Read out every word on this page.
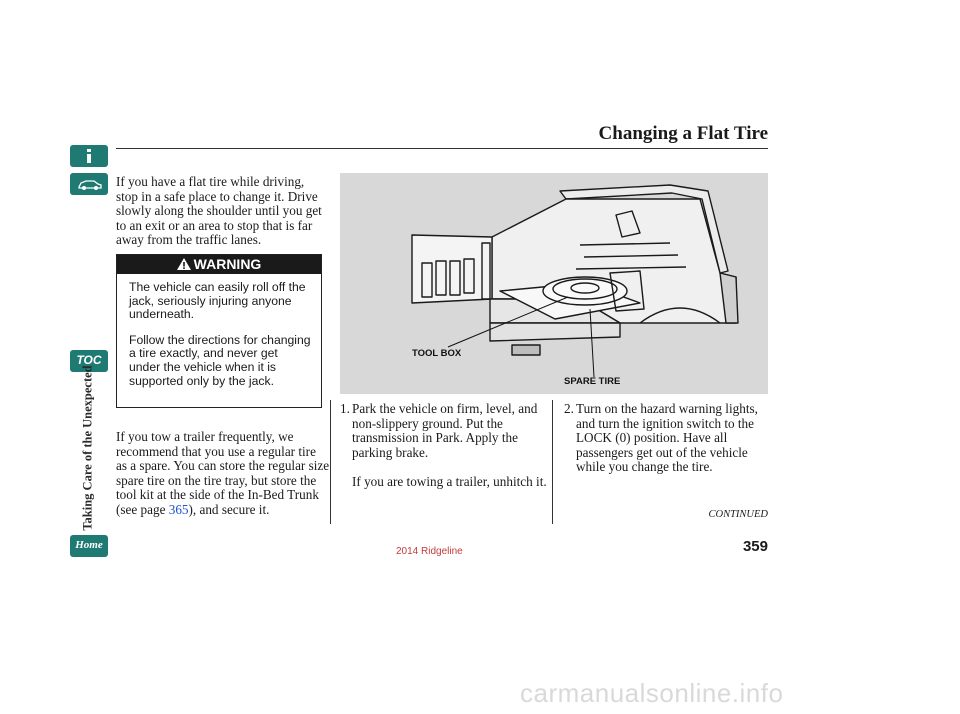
TOC
Taking Care of the Unexpected
Home
Changing a Flat Tire
If you have a flat tire while driving, stop in a safe place to change it. Drive slowly along the shoulder until you get to an exit or an area to stop that is far away from the traffic lanes.
WARNING

The vehicle can easily roll off the jack, seriously injuring anyone underneath.

Follow the directions for changing a tire exactly, and never get under the vehicle when it is supported only by the jack.

If you tow a trailer frequently, we recommend that you use a regular tire as a spare. You can store the regular size spare tire on the tire tray, but store the tool kit at the side of the In-Bed Trunk (see page 365), and secure it.
TOOL BOX
SPARE TIRE
1. Park the vehicle on firm, level, and non-slippery ground. Put the transmission in Park. Apply the parking brake.
If you are towing a trailer, unhitch it.
2. Turn on the hazard warning lights, and turn the ignition switch to the LOCK (0) position. Have all passengers get out of the vehicle while you change the tire.
CONTINUED
359
2014 Ridgeline
carmanualsonline.info
